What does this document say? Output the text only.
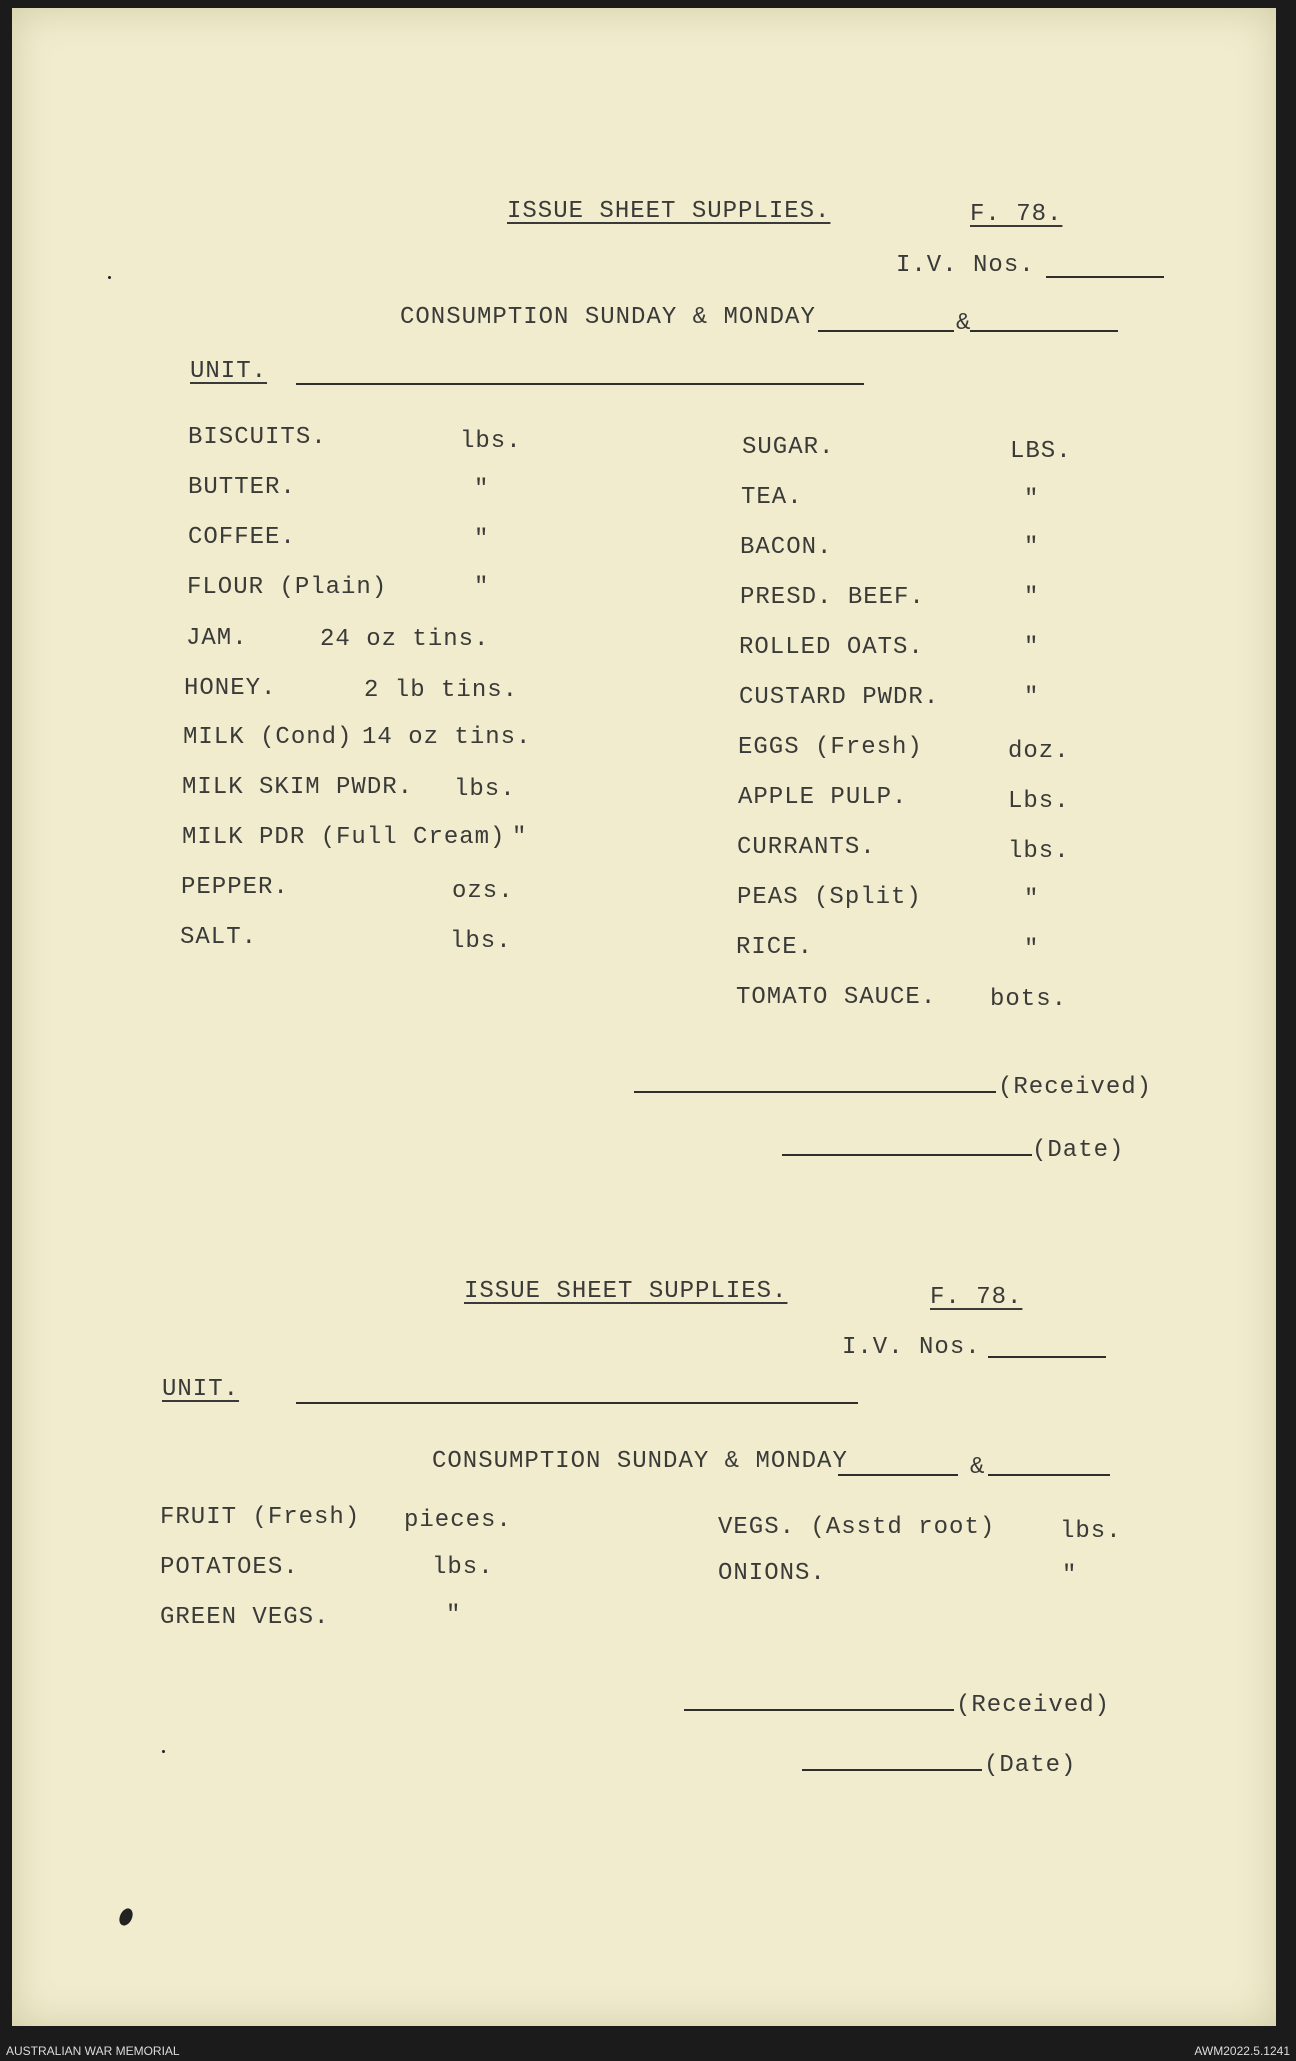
ISSUE SHEET SUPPLIES.	F. 78.
I.V. Nos.
CONSUMPTION SUNDAY & MONDAY	&
UNIT.
BISCUITS.	lbs.
BUTTER.	"
COFFEE.	"
FLOUR (Plain)	"
JAM.	24 oz tins.
HONEY.	2 lb tins.
MILK (Cond) 14 oz tins.
MILK SKIM PWDR. lbs.
MILK PDR (Full Cream) "
PEPPER.	ozs.
SALT.	lbs.
SUGAR.	LBS.
TEA.	"
BACON.	"
PRESD. BEEF.	"
ROLLED OATS.	"
CUSTARD PWDR.	"
EGGS (Fresh)	doz.
APPLE PULP.	Lbs.
CURRANTS.	lbs.
PEAS (Split)	"
RICE.	"
TOMATO SAUCE. bots.
(Received)
(Date)
ISSUE SHEET SUPPLIES.	F. 78.
I.V. Nos.
UNIT.
CONSUMPTION SUNDAY & MONDAY	&
FRUIT (Fresh) pieces.
POTATOES.	lbs.
GREEN VEGS.	"
VEGS. (Asstd root)	lbs.
ONIONS.	"
(Received)
(Date)
AUSTRALIAN WAR MEMORIAL	AWM2022.5.1241
